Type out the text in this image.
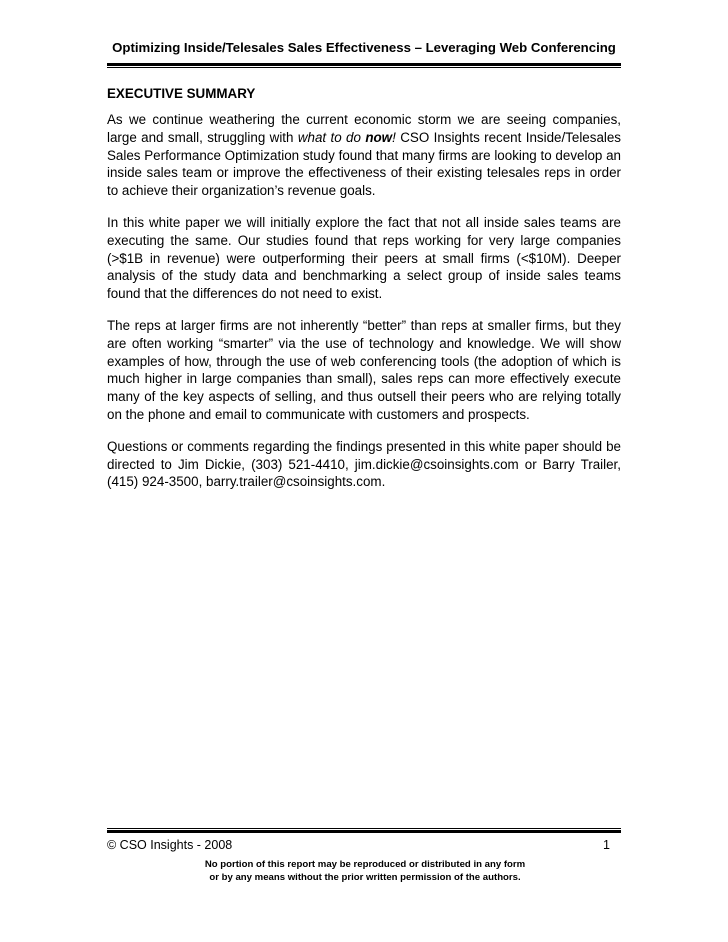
Optimizing Inside/Telesales Sales Effectiveness – Leveraging Web Conferencing
EXECUTIVE SUMMARY

As we continue weathering the current economic storm we are seeing companies, large and small, struggling with what to do now! CSO Insights recent Inside/Telesales Sales Performance Optimization study found that many firms are looking to develop an inside sales team or improve the effectiveness of their existing telesales reps in order to achieve their organization’s revenue goals.

In this white paper we will initially explore the fact that not all inside sales teams are executing the same. Our studies found that reps working for very large companies (>$1B in revenue) were outperforming their peers at small firms (<$10M). Deeper analysis of the study data and benchmarking a select group of inside sales teams found that the differences do not need to exist.

The reps at larger firms are not inherently “better” than reps at smaller firms, but they are often working “smarter” via the use of technology and knowledge. We will show examples of how, through the use of web conferencing tools (the adoption of which is much higher in large companies than small), sales reps can more effectively execute many of the key aspects of selling, and thus outsell their peers who are relying totally on the phone and email to communicate with customers and prospects.

Questions or comments regarding the findings presented in this white paper should be directed to Jim Dickie, (303) 521-4410, jim.dickie@csoinsights.com or Barry Trailer, (415) 924-3500, barry.trailer@csoinsights.com.

© CSO Insights - 2008	1
No portion of this report may be reproduced or distributed in any form
or by any means without the prior written permission of the authors.
